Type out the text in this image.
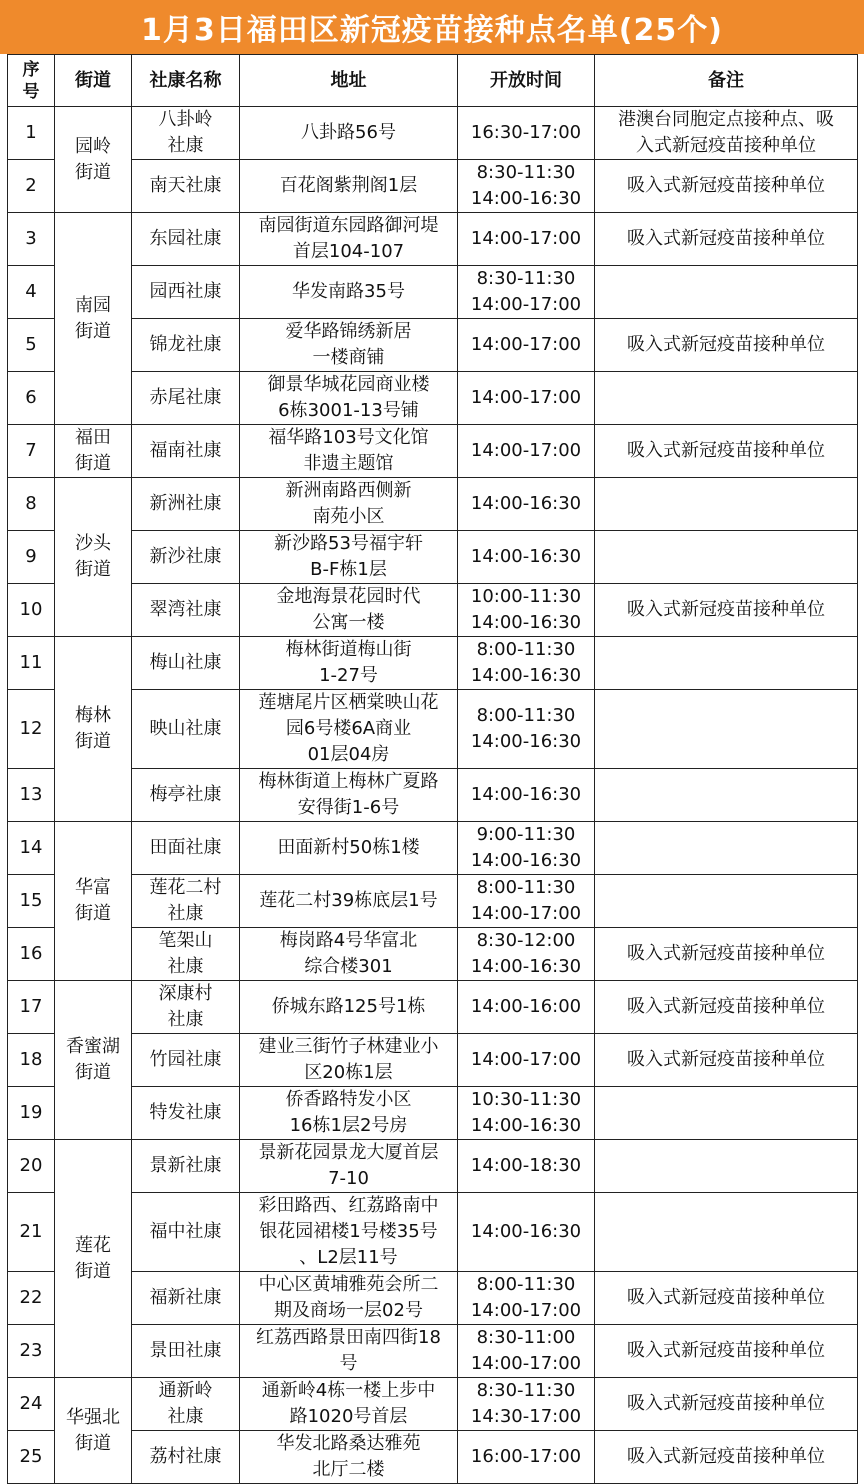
1月3日福田区新冠疫苗接种点名单(25个)
序
号	街道	社康名称	地址	开放时间	备注
1	园岭
街道	八卦岭
社康	八卦路56号	16:30-17:00	港澳台同胞定点接种点、吸
入式新冠疫苗接种单位
2		南天社康	百花阁紫荆阁1层	8:30-11:30
14:00-16:30	吸入式新冠疫苗接种单位
3	南园
街道	东园社康	南园街道东园路御河堤
首层104-107	14:00-17:00	吸入式新冠疫苗接种单位
4		园西社康	华发南路35号	8:30-11:30
14:00-17:00	
5		锦龙社康	爱华路锦绣新居
一楼商铺	14:00-17:00	吸入式新冠疫苗接种单位
6		赤尾社康	御景华城花园商业楼
6栋3001-13号铺	14:00-17:00	
7	福田
街道	福南社康	福华路103号文化馆
非遗主题馆	14:00-17:00	吸入式新冠疫苗接种单位
8	沙头
街道	新洲社康	新洲南路西侧新
南苑小区	14:00-16:30	
9		新沙社康	新沙路53号福宇轩
B-F栋1层	14:00-16:30	
10		翠湾社康	金地海景花园时代
公寓一楼	10:00-11:30
14:00-16:30	吸入式新冠疫苗接种单位
11	梅林
街道	梅山社康	梅林街道梅山街
1-27号	8:00-11:30
14:00-16:30	
12		映山社康	莲塘尾片区栖棠映山花
园6号楼6A商业
01层04房	8:00-11:30
14:00-16:30	
13		梅亭社康	梅林街道上梅林广夏路
安得街1-6号	14:00-16:30	
14	华富
街道	田面社康	田面新村50栋1楼	9:00-11:30
14:00-16:30	
15		莲花二村
社康	莲花二村39栋底层1号	8:00-11:30
14:00-17:00	
16		笔架山
社康	梅岗路4号华富北
综合楼301	8:30-12:00
14:00-16:30	吸入式新冠疫苗接种单位
17	香蜜湖
街道	深康村
社康	侨城东路125号1栋	14:00-16:00	吸入式新冠疫苗接种单位
18		竹园社康	建业三街竹子林建业小
区20栋1层	14:00-17:00	吸入式新冠疫苗接种单位
19		特发社康	侨香路特发小区
16栋1层2号房	10:30-11:30
14:00-16:30	
20	莲花
街道	景新社康	景新花园景龙大厦首层
7-10	14:00-18:30	
21		福中社康	彩田路西、红荔路南中
银花园裙楼1号楼35号
、L2层11号	14:00-16:30	
22		福新社康	中心区黄埔雅苑会所二
期及商场一层02号	8:00-11:30
14:00-17:00	吸入式新冠疫苗接种单位
23		景田社康	红荔西路景田南四街18
号	8:30-11:00
14:00-17:00	吸入式新冠疫苗接种单位
24	华强北
街道	通新岭
社康	通新岭4栋一楼上步中
路1020号首层	8:30-11:30
14:30-17:00	吸入式新冠疫苗接种单位
25		荔村社康	华发北路桑达雅苑
北厅二楼	16:00-17:00	吸入式新冠疫苗接种单位
